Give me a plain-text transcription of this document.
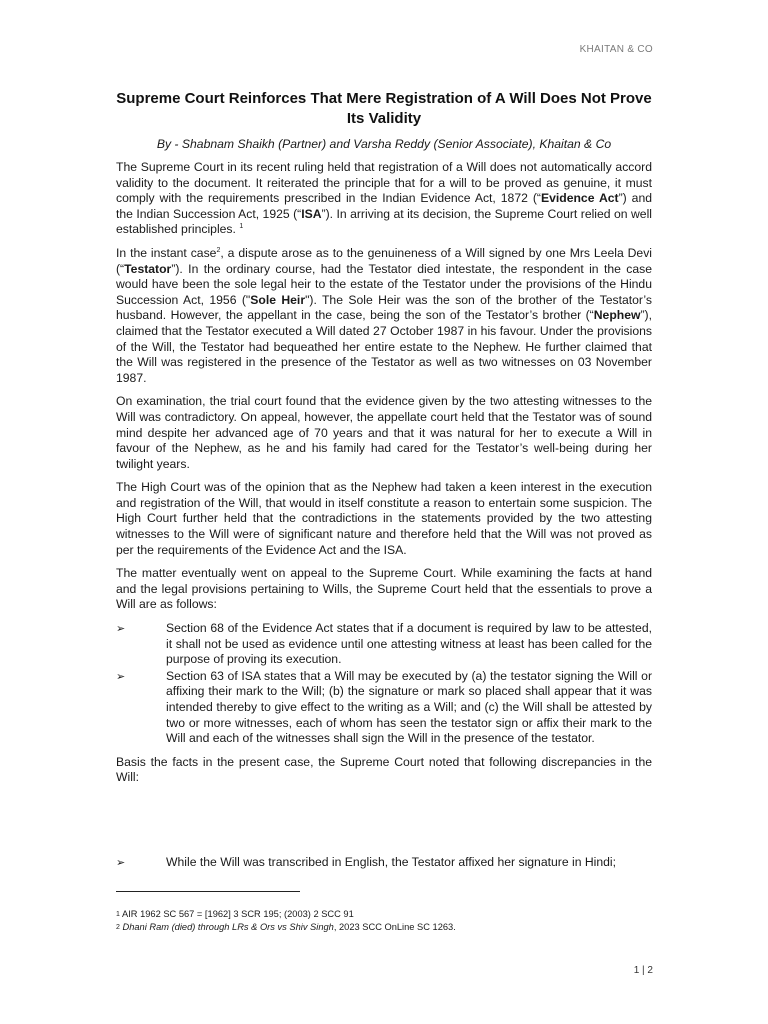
KHAITAN & CO
Supreme Court Reinforces That Mere Registration of A Will Does Not Prove Its Validity
By - Shabnam Shaikh (Partner) and Varsha Reddy (Senior Associate), Khaitan & Co

The Supreme Court in its recent ruling held that registration of a Will does not automatically accord validity to the document. It reiterated the principle that for a will to be proved as genuine, it must comply with the requirements prescribed in the Indian Evidence Act, 1872 (“Evidence Act”) and the Indian Succession Act, 1925 (“ISA”). In arriving at its decision, the Supreme Court relied on well established principles. $^1$

In the instant case$^2$, a dispute arose as to the genuineness of a Will signed by one Mrs Leela Devi (“Testator”). In the ordinary course, had the Testator died intestate, the respondent in the case would have been the sole legal heir to the estate of the Testator under the provisions of the Hindu Succession Act, 1956 ("Sole Heir"). The Sole Heir was the son of the brother of the Testator’s husband. However, the appellant in the case, being the son of the Testator’s brother (“Nephew”), claimed that the Testator executed a Will dated 27 October 1987 in his favour. Under the provisions of the Will, the Testator had bequeathed her entire estate to the Nephew. He further claimed that the Will was registered in the presence of the Testator as well as two witnesses on 03 November 1987.

On examination, the trial court found that the evidence given by the two attesting witnesses to the Will was contradictory. On appeal, however, the appellate court held that the Testator was of sound mind despite her advanced age of 70 years and that it was natural for her to execute a Will in favour of the Nephew, as he and his family had cared for the Testator’s well-being during her twilight years.

The High Court was of the opinion that as the Nephew had taken a keen interest in the execution and registration of the Will, that would in itself constitute a reason to entertain some suspicion. The High Court further held that the contradictions in the statements provided by the two attesting witnesses to the Will were of significant nature and therefore held that the Will was not proved as per the requirements of the Evidence Act and the ISA.

The matter eventually went on appeal to the Supreme Court. While examining the facts at hand and the legal provisions pertaining to Wills, the Supreme Court held that the essentials to prove a Will are as follows:

➢	Section 68 of the Evidence Act states that if a document is required by law to be attested, it shall not be used as evidence until one attesting witness at least has been called for the purpose of proving its execution.
➢	Section 63 of ISA states that a Will may be executed by (a) the testator signing the Will or affixing their mark to the Will; (b) the signature or mark so placed shall appear that it was intended thereby to give effect to the writing as a Will; and (c) the Will shall be attested by two or more witnesses, each of whom has seen the testator sign or affix their mark to the Will and each of the witnesses shall sign the Will in the presence of the testator.

Basis the facts in the present case, the Supreme Court noted that following discrepancies in the Will:

➢	While the Will was transcribed in English, the Testator affixed her signature in Hindi;
$^1$ AIR 1962 SC 567 = [1962] 3 SCR 195; (2003) 2 SCC 91
$^2$ Dhani Ram (died) through LRs & Ors vs Shiv Singh, 2023 SCC OnLine SC 1263.
1 | 2
